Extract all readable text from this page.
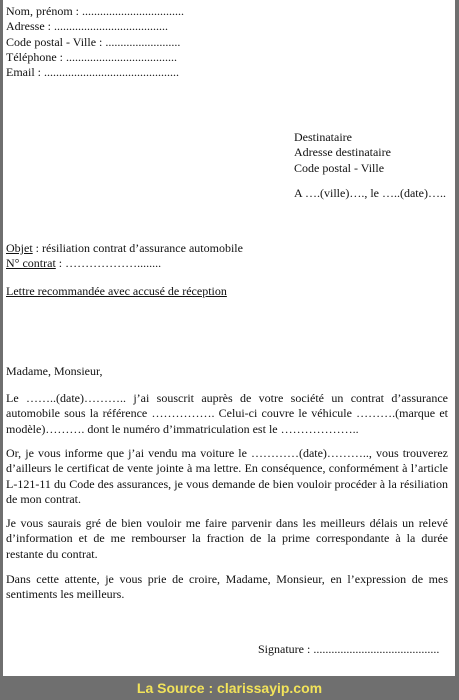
Nom, prénom : ..................................
Adresse : ......................................
Code postal - Ville : .........................
Téléphone : .....................................
Email : .............................................
Destinataire
Adresse destinataire
Code postal - Ville
A ….(ville)…., le …..(date)…..
Objet : résiliation contrat d’assurance automobile
N° contrat : ………………........
Lettre recommandée avec accusé de réception
Madame, Monsieur,
Le ……..(date)……….. j’ai souscrit auprès de votre société un contrat d’assurance automobile sous la référence ……………. Celui-ci couvre le véhicule ……….(marque et modèle)………. dont le numéro d’immatriculation est le ………………..
Or, je vous informe que j’ai vendu ma voiture le …………(date)……….., vous trouverez d’ailleurs le certificat de vente jointe à ma lettre. En conséquence, conformément à l’article L-121-11 du Code des assurances, je vous demande de bien vouloir procéder à la résiliation de mon contrat.
Je vous saurais gré de bien vouloir me faire parvenir dans les meilleurs délais un relevé d’information et de me rembourser la fraction de la prime correspondante à la durée restante du contrat.
Dans cette attente, je vous prie de croire, Madame, Monsieur, en l’expression de mes sentiments les meilleurs.
Signature : ..........................................
La Source : clarissayip.com
